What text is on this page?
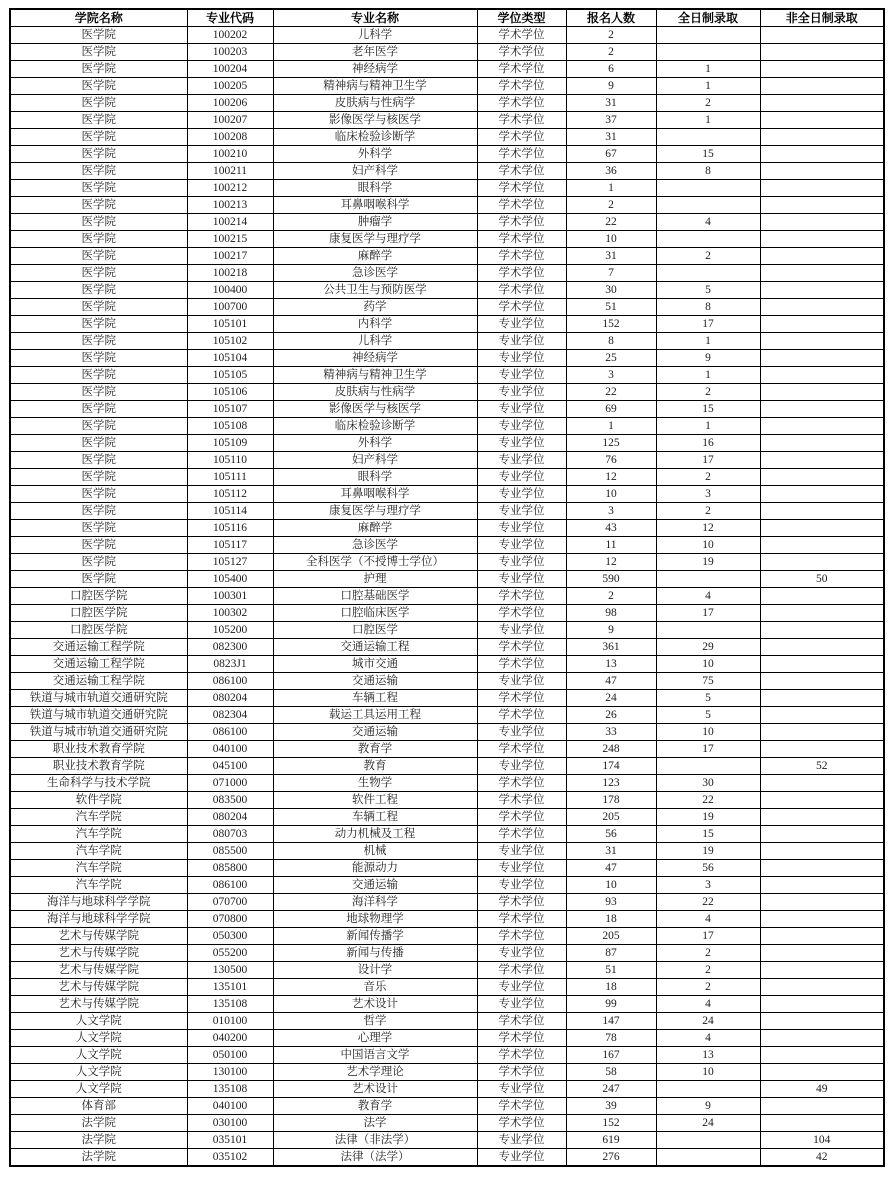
学院名称	专业代码	专业名称	学位类型	报名人数	全日制录取	非全日制录取
医学院	100202	儿科学	学术学位	2		
医学院	100203	老年医学	学术学位	2		
医学院	100204	神经病学	学术学位	6	1	
医学院	100205	精神病与精神卫生学	学术学位	9	1	
医学院	100206	皮肤病与性病学	学术学位	31	2	
医学院	100207	影像医学与核医学	学术学位	37	1	
医学院	100208	临床检验诊断学	学术学位	31		
医学院	100210	外科学	学术学位	67	15	
医学院	100211	妇产科学	学术学位	36	8	
医学院	100212	眼科学	学术学位	1		
医学院	100213	耳鼻咽喉科学	学术学位	2		
医学院	100214	肿瘤学	学术学位	22	4	
医学院	100215	康复医学与理疗学	学术学位	10		
医学院	100217	麻醉学	学术学位	31	2	
医学院	100218	急诊医学	学术学位	7		
医学院	100400	公共卫生与预防医学	学术学位	30	5	
医学院	100700	药学	学术学位	51	8	
医学院	105101	内科学	专业学位	152	17	
医学院	105102	儿科学	专业学位	8	1	
医学院	105104	神经病学	专业学位	25	9	
医学院	105105	精神病与精神卫生学	专业学位	3	1	
医学院	105106	皮肤病与性病学	专业学位	22	2	
医学院	105107	影像医学与核医学	专业学位	69	15	
医学院	105108	临床检验诊断学	专业学位	1	1	
医学院	105109	外科学	专业学位	125	16	
医学院	105110	妇产科学	专业学位	76	17	
医学院	105111	眼科学	专业学位	12	2	
医学院	105112	耳鼻咽喉科学	专业学位	10	3	
医学院	105114	康复医学与理疗学	专业学位	3	2	
医学院	105116	麻醉学	专业学位	43	12	
医学院	105117	急诊医学	专业学位	11	10	
医学院	105127	全科医学（不授博士学位）	专业学位	12	19	
医学院	105400	护理	专业学位	590		50
口腔医学院	100301	口腔基础医学	学术学位	2	4	
口腔医学院	100302	口腔临床医学	学术学位	98	17	
口腔医学院	105200	口腔医学	专业学位	9		
交通运输工程学院	082300	交通运输工程	学术学位	361	29	
交通运输工程学院	0823J1	城市交通	学术学位	13	10	
交通运输工程学院	086100	交通运输	专业学位	47	75	
铁道与城市轨道交通研究院	080204	车辆工程	学术学位	24	5	
铁道与城市轨道交通研究院	082304	载运工具运用工程	学术学位	26	5	
铁道与城市轨道交通研究院	086100	交通运输	专业学位	33	10	
职业技术教育学院	040100	教育学	学术学位	248	17	
职业技术教育学院	045100	教育	专业学位	174		52
生命科学与技术学院	071000	生物学	学术学位	123	30	
软件学院	083500	软件工程	学术学位	178	22	
汽车学院	080204	车辆工程	学术学位	205	19	
汽车学院	080703	动力机械及工程	学术学位	56	15	
汽车学院	085500	机械	专业学位	31	19	
汽车学院	085800	能源动力	专业学位	47	56	
汽车学院	086100	交通运输	专业学位	10	3	
海洋与地球科学学院	070700	海洋科学	学术学位	93	22	
海洋与地球科学学院	070800	地球物理学	学术学位	18	4	
艺术与传媒学院	050300	新闻传播学	学术学位	205	17	
艺术与传媒学院	055200	新闻与传播	专业学位	87	2	
艺术与传媒学院	130500	设计学	学术学位	51	2	
艺术与传媒学院	135101	音乐	专业学位	18	2	
艺术与传媒学院	135108	艺术设计	专业学位	99	4	
人文学院	010100	哲学	学术学位	147	24	
人文学院	040200	心理学	学术学位	78	4	
人文学院	050100	中国语言文学	学术学位	167	13	
人文学院	130100	艺术学理论	学术学位	58	10	
人文学院	135108	艺术设计	专业学位	247		49
体育部	040100	教育学	学术学位	39	9	
法学院	030100	法学	学术学位	152	24	
法学院	035101	法律（非法学）	专业学位	619		104
法学院	035102	法律（法学）	专业学位	276		42
